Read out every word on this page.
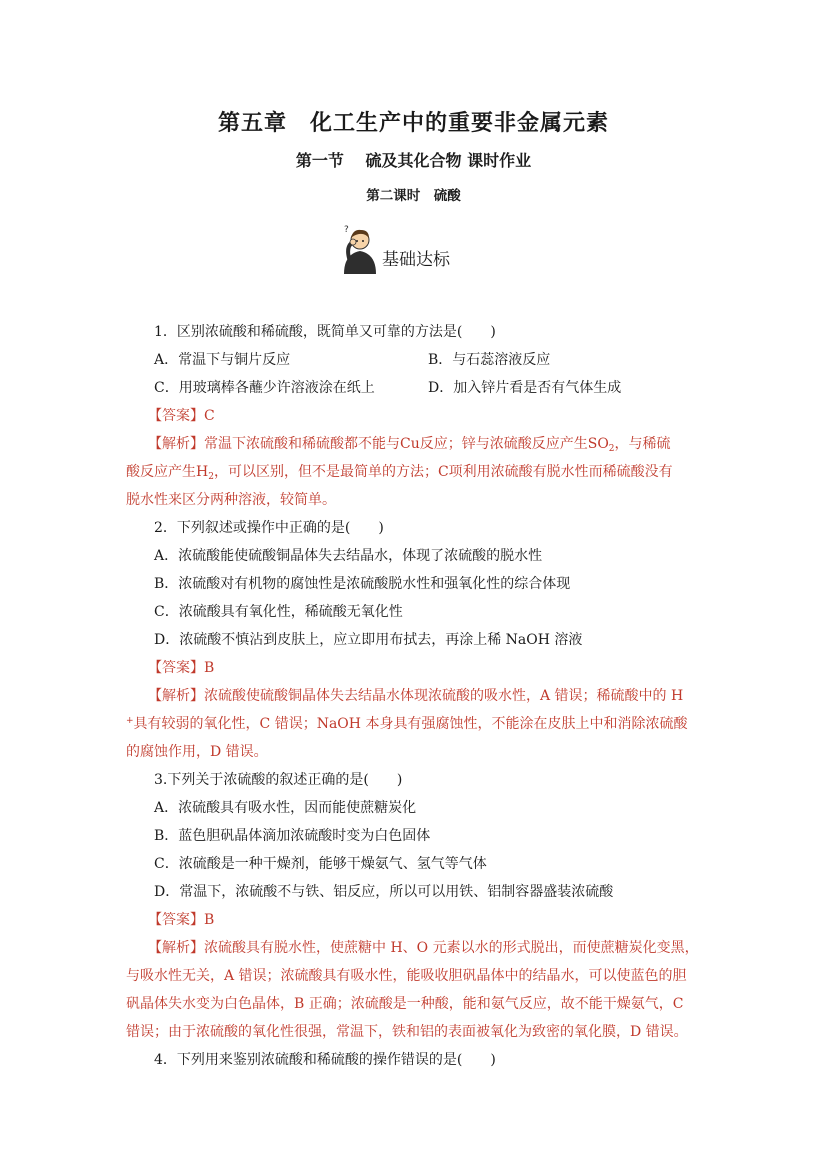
第五章　化工生产中的重要非金属元素
第一节　 硫及其化合物 课时作业
第二课时　硫酸
?
基础达标
1．区别浓硫酸和稀硫酸，既简单又可靠的方法是(　　)
A．常温下与铜片反应	B．与石蕊溶液反应
C．用玻璃棒各蘸少许溶液涂在纸上	D．加入锌片看是否有气体生成
【答案】C
【解析】常温下浓硫酸和稀硫酸都不能与Cu反应；锌与浓硫酸反应产生$SO_2$，与稀硫
酸反应产生$H_2$，可以区别，但不是最简单的方法；C项利用浓硫酸有脱水性而稀硫酸没有
脱水性来区分两种溶液，较简单。
2．下列叙述或操作中正确的是(　　)
A．浓硫酸能使硫酸铜晶体失去结晶水，体现了浓硫酸的脱水性
B．浓硫酸对有机物的腐蚀性是浓硫酸脱水性和强氧化性的综合体现
C．浓硫酸具有氧化性，稀硫酸无氧化性
D．浓硫酸不慎沾到皮肤上，应立即用布拭去，再涂上稀 NaOH 溶液
【答案】B
【解析】浓硫酸使硫酸铜晶体失去结晶水体现浓硫酸的吸水性，A 错误；稀硫酸中的 H
+具有较弱的氧化性，C 错误；NaOH 本身具有强腐蚀性，不能涂在皮肤上中和消除浓硫酸
的腐蚀作用，D 错误。
3.下列关于浓硫酸的叙述正确的是(　　)
A．浓硫酸具有吸水性，因而能使蔗糖炭化
B．蓝色胆矾晶体滴加浓硫酸时变为白色固体
C．浓硫酸是一种干燥剂，能够干燥氨气、氢气等气体
D．常温下，浓硫酸不与铁、铝反应，所以可以用铁、铝制容器盛装浓硫酸
【答案】B
【解析】浓硫酸具有脱水性，使蔗糖中 H、O 元素以水的形式脱出，而使蔗糖炭化变黑，
与吸水性无关，A 错误；浓硫酸具有吸水性，能吸收胆矾晶体中的结晶水，可以使蓝色的胆
矾晶体失水变为白色晶体，B 正确；浓硫酸是一种酸，能和氨气反应，故不能干燥氨气，C
错误；由于浓硫酸的氧化性很强，常温下，铁和铝的表面被氧化为致密的氧化膜，D 错误。
4．下列用来鉴别浓硫酸和稀硫酸的操作错误的是(　　)
